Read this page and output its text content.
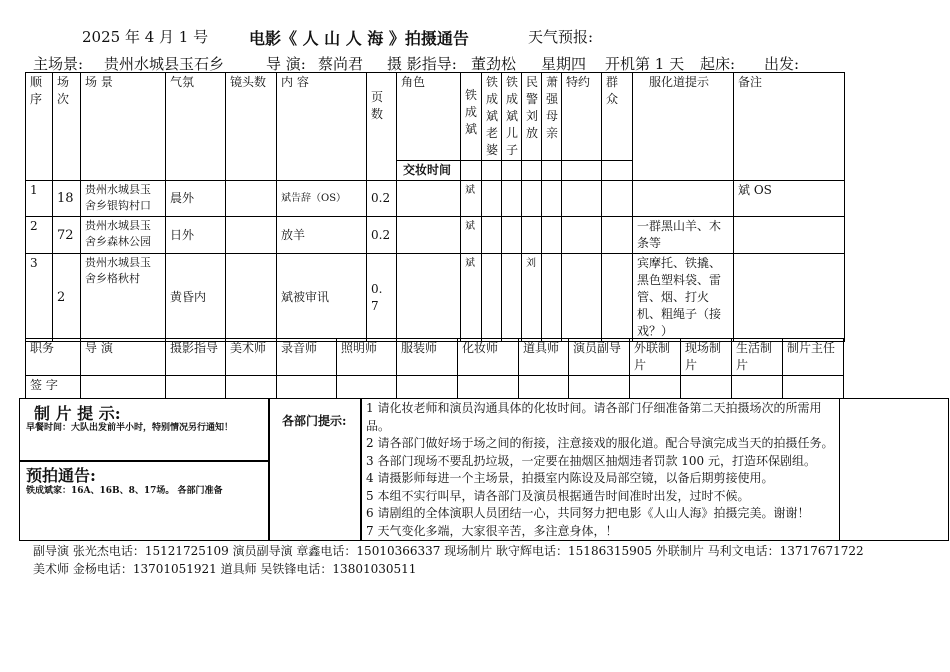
2025 年 4 月 1 号	电影《 人 山 人 海 》拍摄通告	天气预报:
主场景: 贵州水城县玉石乡	导 演: 蔡尚君 摄 影指导: 董劲松 星期四 开机第 1 天 起床: 出发:
顺序	场次	场 景	气氛	镜头数	内 容	页数	角色	铁成斌	铁成斌老婆	铁成斌儿子	民警刘放	萧强母亲	特约	群众	服化道提示	备注
							交妆时间									
1	18	贵州水城县玉舍乡银钩村口	晨外		斌告辞（OS）	0.2		斌								斌 OS
2	72	贵州水城县玉舍乡森林公园	日外		放羊	0.2		斌							一群黑山羊、木条等	
3	2	贵州水城县玉舍乡格秋村	黄昏内		斌被审讯	0. 7		斌			刘				宾摩托、铁撬、黑色塑料袋、雷管、烟、打火机、粗绳子（接戏？）	
职务	导 演	摄影指导	美术师	录音师	照明师	服装师	化妆师	道具师	演员副导	外联制片	现场制片	生活制片	制片主任
签 字													
制 片 提 示:
早餐时间：大队出发前半小时，特别情况另行通知！
预拍通告:
铁成斌家：16A、16B、8、17场。 各部门准备
各部门提示:
1 请化妆老师和演员沟通具体的化妆时间。请各部门仔细准备第二天拍摄场次的所需用品。
2 请各部门做好场于场之间的衔接，注意接戏的服化道。配合导演完成当天的拍摄任务。
3 各部门现场不要乱扔垃圾，一定要在抽烟区抽烟违者罚款 100 元，打造环保剧组。
4 请摄影师每进一个主场景，拍摄室内陈设及局部空镜，以备后期剪接使用。
5 本组不实行叫早，请各部门及演员根据通告时间准时出发，过时不候。
6 请剧组的全体演职人员团结一心，共同努力把电影《人山人海》拍摄完美。谢谢！
7 天气变化多端，大家很辛苦，多注意身体，！
副导演 张光杰电话：15121725109 演员副导演 章鑫电话：15010366337 现场制片 耿守辉电话：15186315905 外联制片 马利文电话：13717671722
美术师 金杨电话：13701051921 道具师 吴铁锋电话：13801030511
